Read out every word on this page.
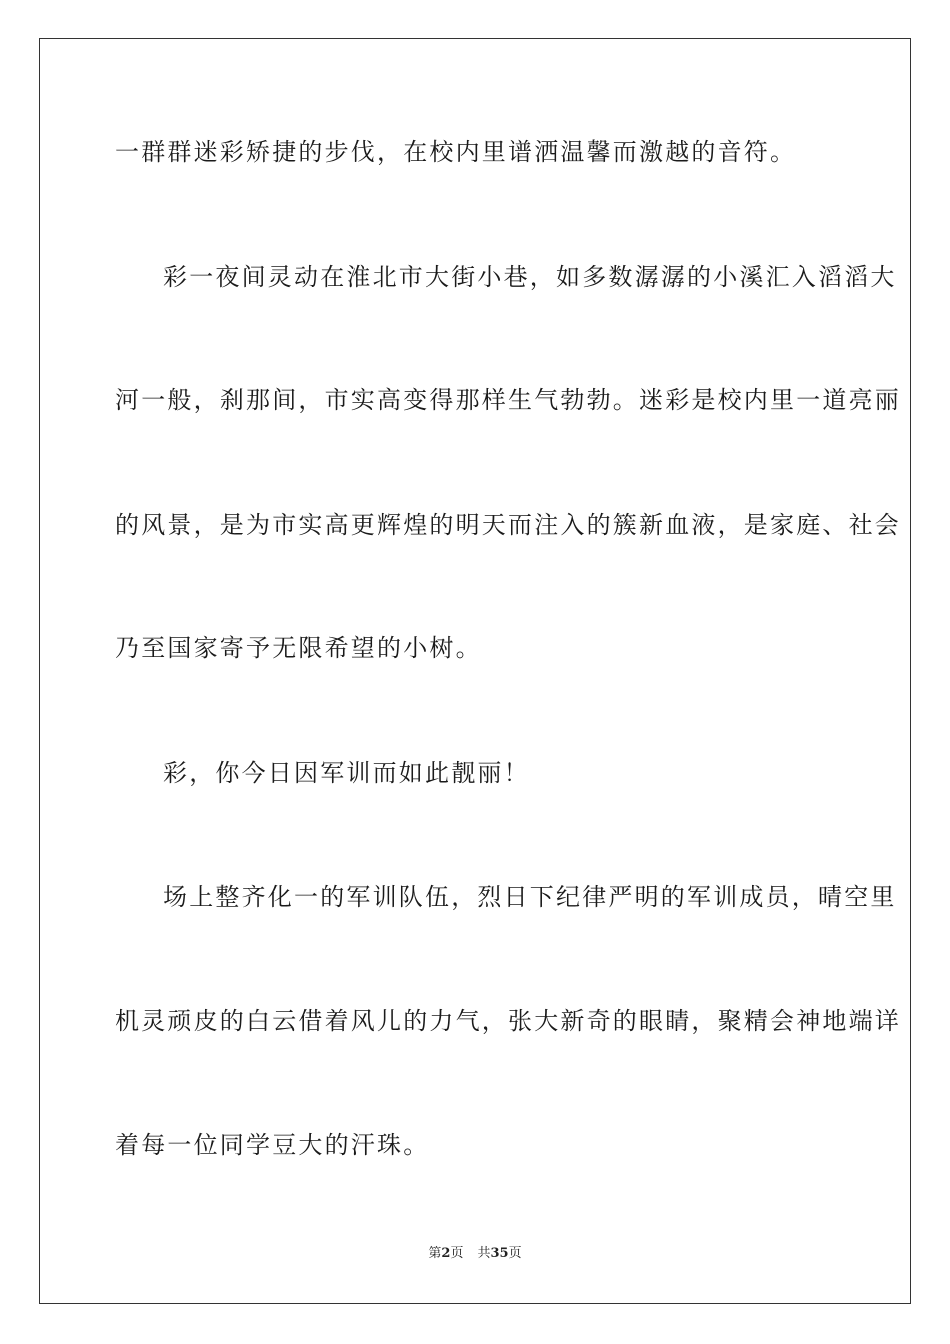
一群群迷彩矫捷的步伐，在校内里谱洒温馨而激越的音符。
彩一夜间灵动在淮北市大街小巷，如多数潺潺的小溪汇入滔滔大
河一般，刹那间，市实高变得那样生气勃勃。迷彩是校内里一道亮丽
的风景，是为市实高更辉煌的明天而注入的簇新血液，是家庭、社会
乃至国家寄予无限希望的小树。
彩，你今日因军训而如此靓丽！
场上整齐化一的军训队伍，烈日下纪律严明的军训成员，晴空里
机灵顽皮的白云借着风儿的力气，张大新奇的眼睛，聚精会神地端详
着每一位同学豆大的汗珠。
第2页 共35页
